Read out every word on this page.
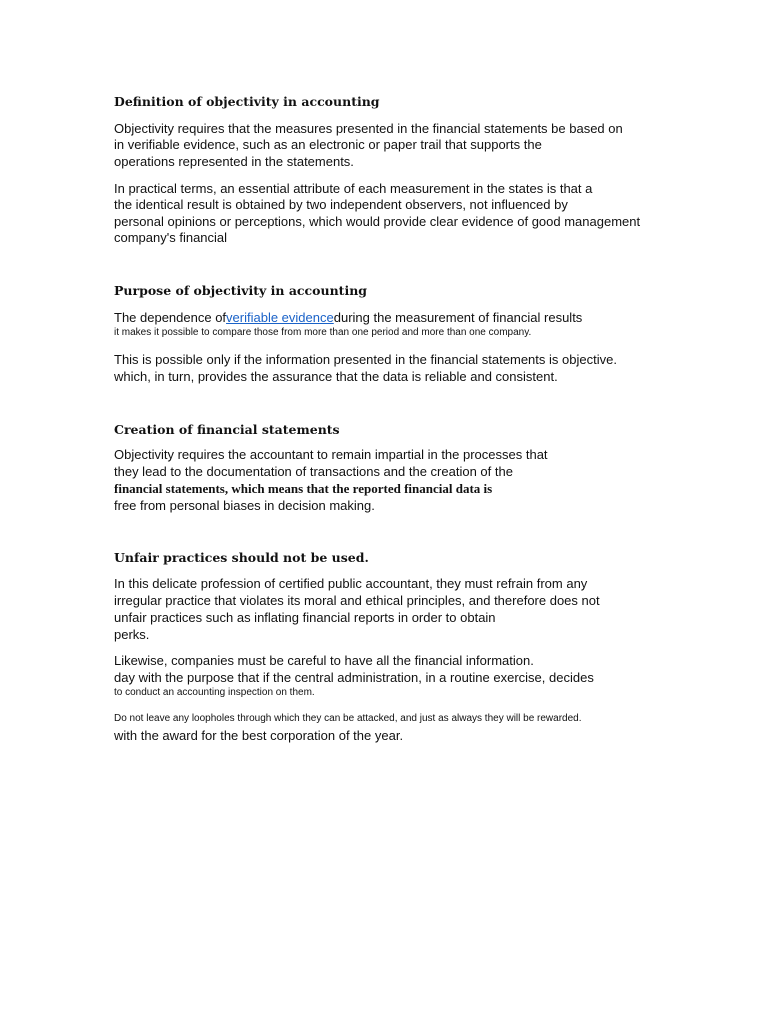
Definition of objectivity in accounting
Objectivity requires that the measures presented in the financial statements be based on
in verifiable evidence, such as an electronic or paper trail that supports the
operations represented in the statements.
In practical terms, an essential attribute of each measurement in the states is that a
the identical result is obtained by two independent observers, not influenced by
personal opinions or perceptions, which would provide clear evidence of good management
company's financial
Purpose of objectivity in accounting
The dependence ofverifiable evidenceduring the measurement of financial results
it makes it possible to compare those from more than one period and more than one company.
This is possible only if the information presented in the financial statements is objective.
which, in turn, provides the assurance that the data is reliable and consistent.
Creation of financial statements
Objectivity requires the accountant to remain impartial in the processes that
they lead to the documentation of transactions and the creation of the
financial statements, which means that the reported financial data is
free from personal biases in decision making.
Unfair practices should not be used.
In this delicate profession of certified public accountant, they must refrain from any
irregular practice that violates its moral and ethical principles, and therefore does not
unfair practices such as inflating financial reports in order to obtain
perks.
Likewise, companies must be careful to have all the financial information.
day with the purpose that if the central administration, in a routine exercise, decides
to conduct an accounting inspection on them.
Do not leave any loopholes through which they can be attacked, and just as always they will be rewarded.
with the award for the best corporation of the year.
